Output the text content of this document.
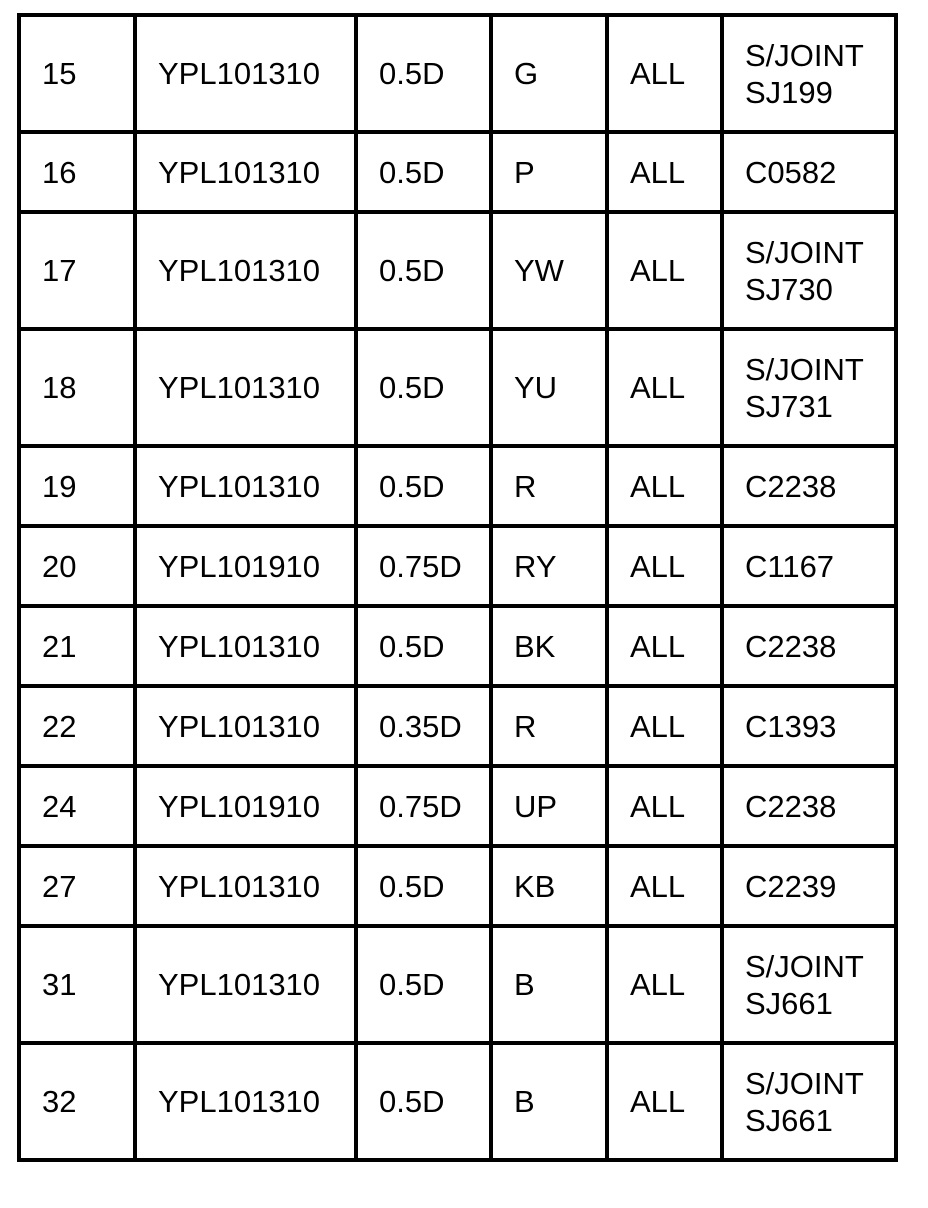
15	YPL101310	0.5D	G	ALL	S/JOINT
SJ199

16	YPL101310	0.5D	P	ALL	C0582

17	YPL101310	0.5D	YW	ALL	S/JOINT
SJ730

18	YPL101310	0.5D	YU	ALL	S/JOINT
SJ731

19	YPL101310	0.5D	R	ALL	C2238

20	YPL101910	0.75D	RY	ALL	C1167

21	YPL101310	0.5D	BK	ALL	C2238

22	YPL101310	0.35D	R	ALL	C1393

24	YPL101910	0.75D	UP	ALL	C2238

27	YPL101310	0.5D	KB	ALL	C2239

31	YPL101310	0.5D	B	ALL	S/JOINT
SJ661

32	YPL101310	0.5D	B	ALL	S/JOINT
SJ661
